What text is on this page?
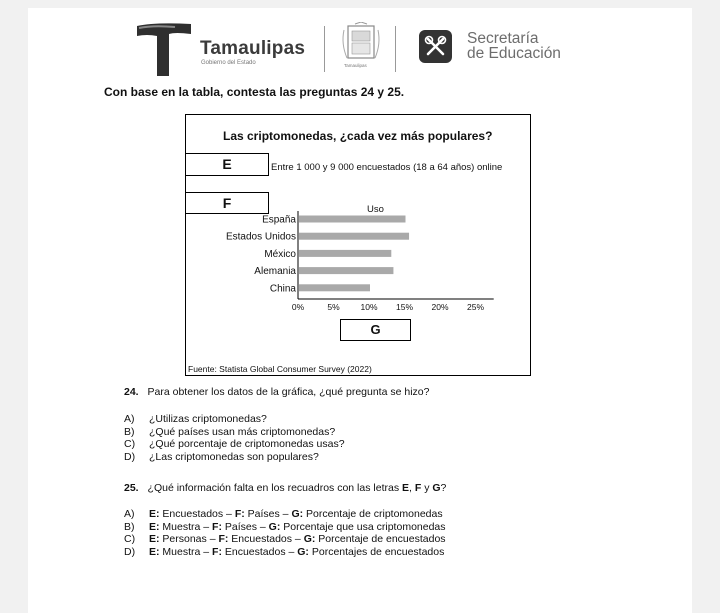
Tamaulipas
Gobierno del Estado	Tamaulipas
Secretaría
de Educación
Con base en la tabla, contesta las preguntas 24 y 25.
Las criptomonedas, ¿cada vez más populares?
E	Entre 1 000 y 9 000 encuestados (18 a 64 años) online
F	Uso
España
Estados Unidos
México
Alemania
China
0%	5% 10% 15% 20% 25%
G
Fuente: Statista Global Consumer Survey (2022)
24. Para obtener los datos de la gráfica, ¿qué pregunta se hizo?
A) ¿Utilizas criptomonedas?
B) ¿Qué países usan más criptomonedas?
C) ¿Qué porcentaje de criptomonedas usas?
D) ¿Las criptomonedas son populares?
25. ¿Qué información falta en los recuadros con las letras E, F y G?
A) E: Encuestados – F: Países – G: Porcentaje de criptomonedas
B) E: Muestra – F: Países – G: Porcentaje que usa criptomonedas
C) E: Personas – F: Encuestados – G: Porcentaje de encuestados
D) E: Muestra – F: Encuestados – G: Porcentajes de encuestados
